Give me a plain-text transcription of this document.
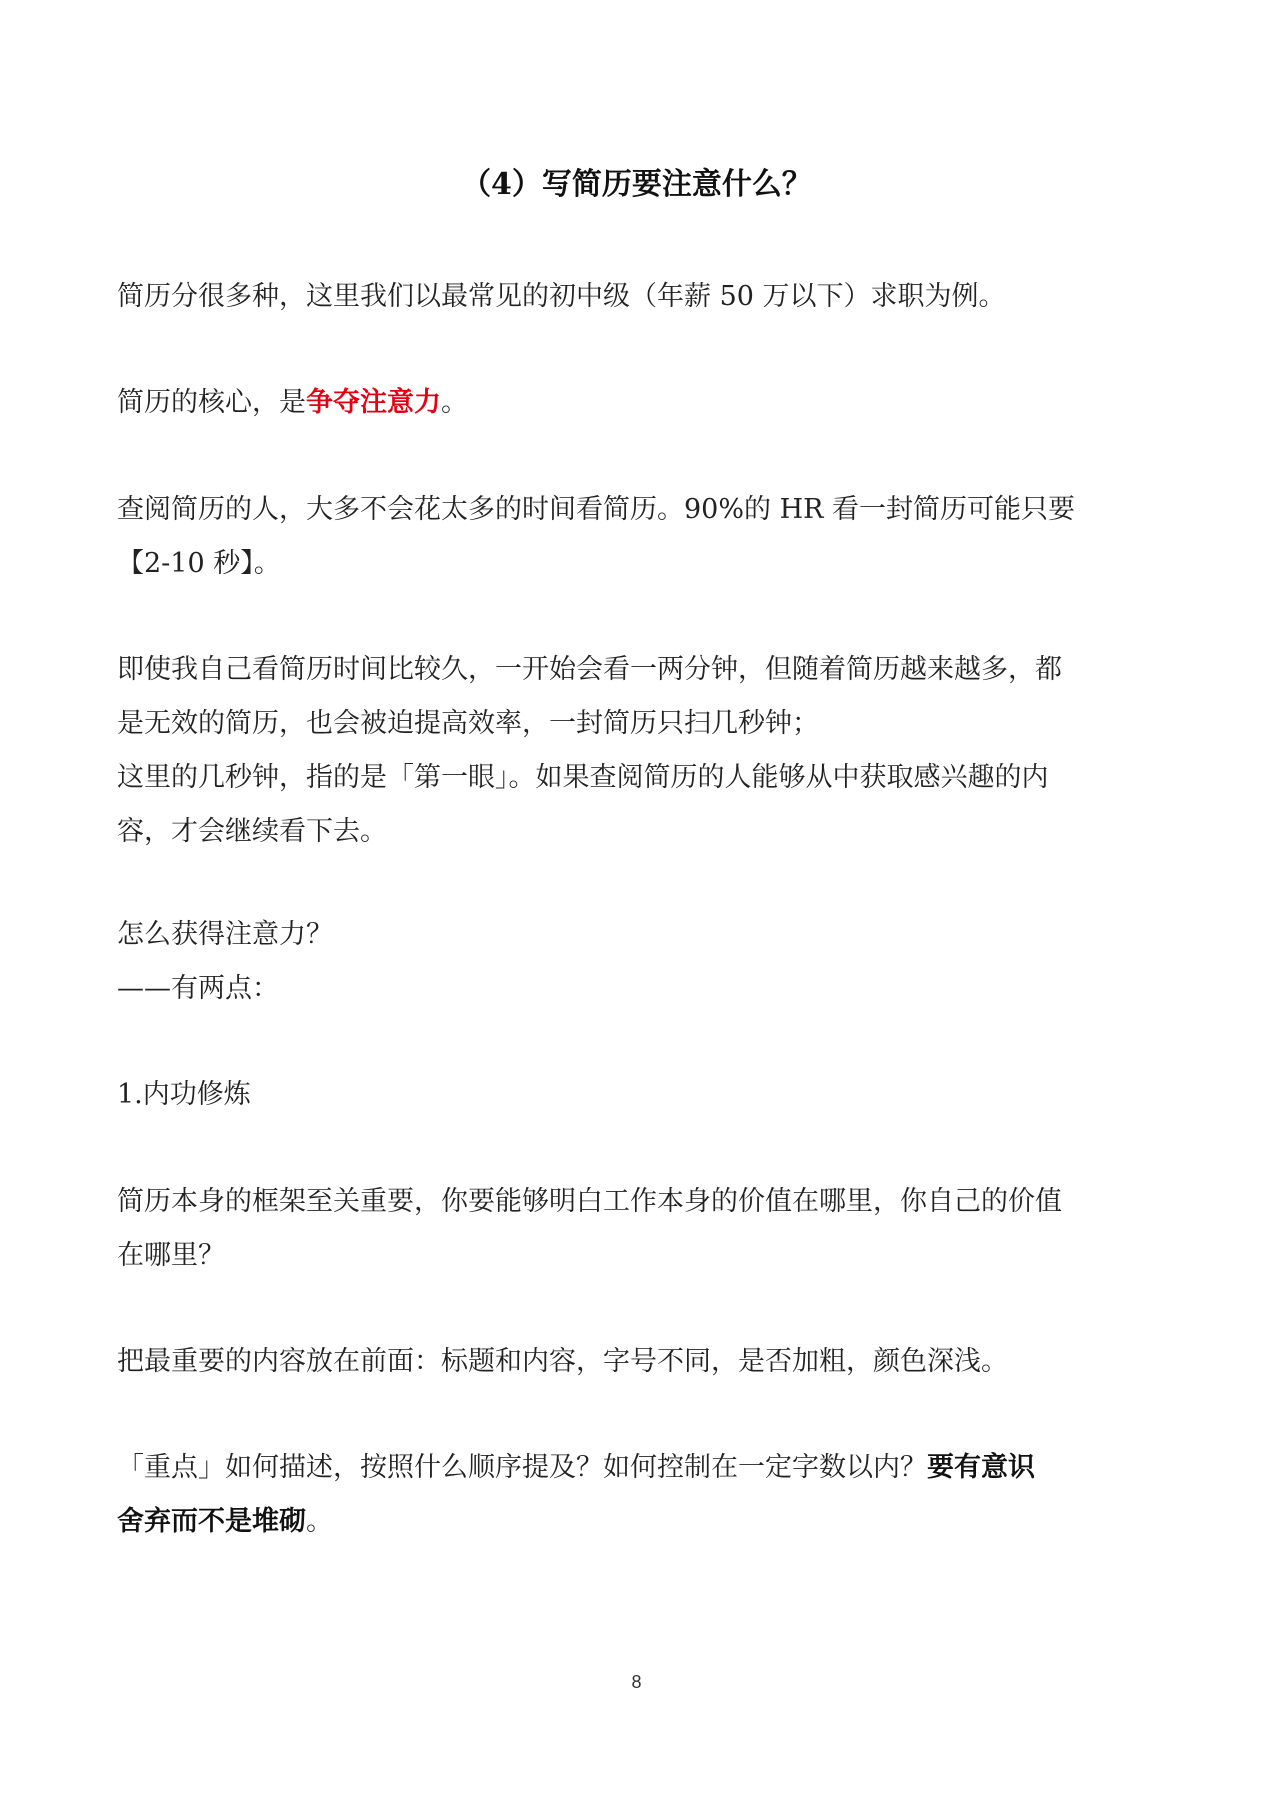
（4）写简历要注意什么？

简历分很多种，这里我们以最常见的初中级（年薪 50 万以下）求职为例。

简历的核心，是争夺注意力。

查阅简历的人，大多不会花太多的时间看简历。90%的 HR 看一封简历可能只要
【2-10 秒】。

即使我自己看简历时间比较久，一开始会看一两分钟，但随着简历越来越多，都
是无效的简历，也会被迫提高效率，一封简历只扫几秒钟；
这里的几秒钟，指的是「第一眼」。如果查阅简历的人能够从中获取感兴趣的内
容，才会继续看下去。

怎么获得注意力？
——有两点：

1.内功修炼

简历本身的框架至关重要，你要能够明白工作本身的价值在哪里，你自己的价值
在哪里？

把最重要的内容放在前面：标题和内容，字号不同，是否加粗，颜色深浅。

「重点」如何描述，按照什么顺序提及？如何控制在一定字数以内？要有意识
舍弃而不是堆砌。

8
